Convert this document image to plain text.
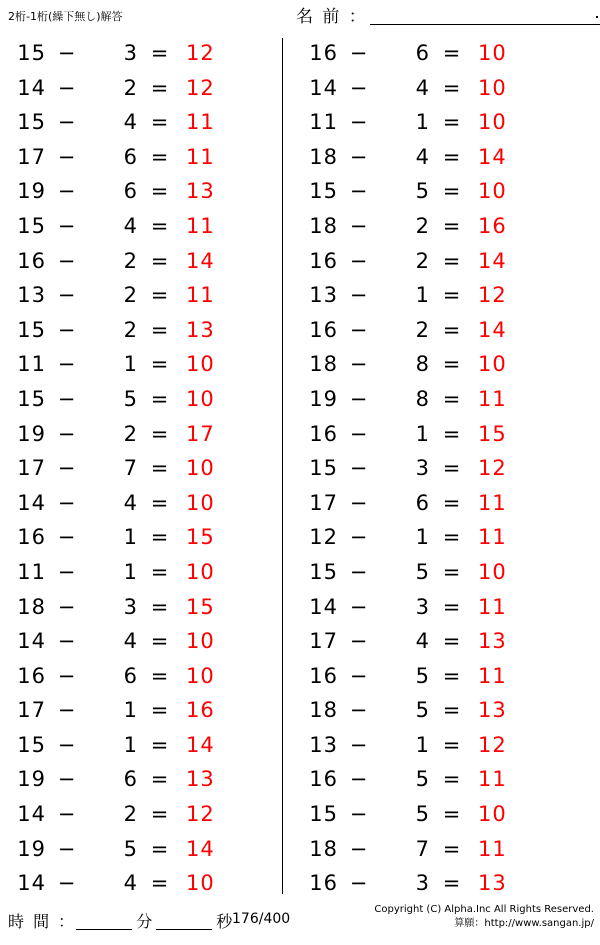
2桁-1桁(繰下無し)解答	名 前 ：
15 −	3 = 12
14 −	2 = 12
15 −	4 = 11
17 −	6 = 11
19 −	6 = 13
15 −	4 = 11
16 −	2 = 14
13 −	2 = 11
15 −	2 = 13
11 −	1 = 10
15 −	5 = 10
19 −	2 = 17
17 −	7 = 10
14 −	4 = 10
16 −	1 = 15
11 −	1 = 10
18 −	3 = 15
14 −	4 = 10
16 −	6 = 10
17 −	1 = 16
15 −	1 = 14
19 −	6 = 13
14 −	2 = 12
19 −	5 = 14
14 −	4 = 10
16 −	6 = 10
14 −	4 = 10
11 −	1 = 10
18 −	4 = 14
15 −	5 = 10
18 −	2 = 16
16 −	2 = 14
13 −	1 = 12
16 −	2 = 14
18 −	8 = 10
19 −	8 = 11
16 −	1 = 15
15 −	3 = 12
17 −	6 = 11
12 −	1 = 11
15 −	5 = 10
14 −	3 = 11
17 −	4 = 13
16 −	5 = 11
18 −	5 = 13
13 −	1 = 12
16 −	5 = 11
15 −	5 = 10
18 −	7 = 11
16 −	3 = 13
時 間 ：	分	秒 176/400
Copyright (C) Alpha.Inc All Rights Reserved.
算願：http://www.sangan.jp/
